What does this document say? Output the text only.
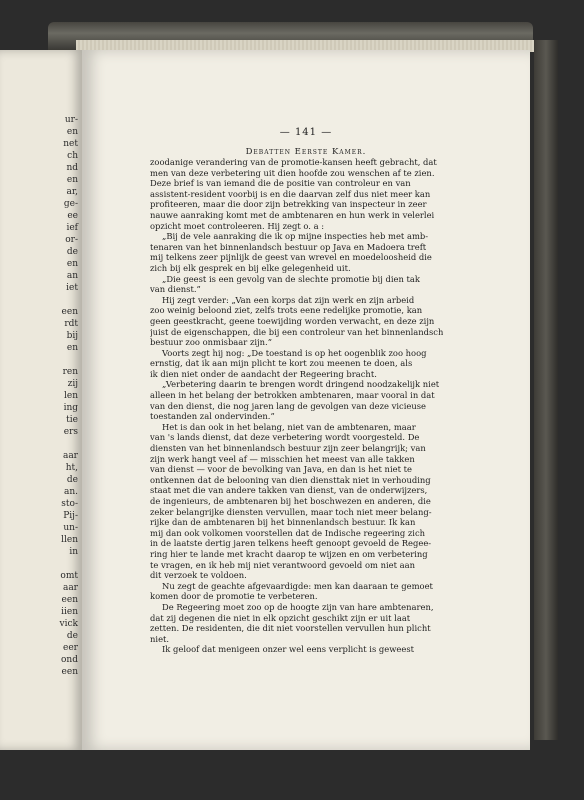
ur-
en
net
ch
nd
en
ar,
ge-
ee
ief
or-
de
en
an
iet
een
rdt
bij
en
ren
zij
len
ing
tie
ers
aar
ht,
de
an.
sto-
Pij-
un-
llen
in
omt
aar
een
iien
vick
de
eer
ond
een
— 141 —
Debatten Eerste Kamer.
zoodanige verandering van de promotie-kansen heeft gebracht, dat
men van deze verbetering uit dien hoofde zou wenschen af te zien.
Deze brief is van iemand die de positie van controleur en van
assistent-resident voorbij is en die daarvan zelf dus niet meer kan
profiteeren, maar die door zijn betrekking van inspecteur in zeer
nauwe aanraking komt met de ambtenaren en hun werk in velerlei
opzicht moet controleeren. Hij zegt o. a :
„Bij de vele aanraking die ik op mijne inspecties heb met amb-
tenaren van het binnenlandsch bestuur op Java en Madoera treft
mij telkens zeer pijnlijk de geest van wrevel en moedeloosheid die
zich bij elk gesprek en bij elke gelegenheid uit.
„Die geest is een gevolg van de slechte promotie bij dien tak
van dienst.”
Hij zegt verder: „Van een korps dat zijn werk en zijn arbeid
zoo weinig beloond ziet, zelfs trots eene redelijke promotie, kan
geen geestkracht, geene toewijding worden verwacht, en deze zijn
juist de eigenschappen, die bij een controleur van het binnenlandsch
bestuur zoo onmisbaar zijn.”
Voorts zegt hij nog: „De toestand is op het oogenblik zoo hoog
ernstig, dat ik aan mijn plicht te kort zou meenen te doen, als
ik dien niet onder de aandacht der Regeering bracht.
„Verbetering daarin te brengen wordt dringend noodzakelijk niet
alleen in het belang der betrokken ambtenaren, maar vooral in dat
van den dienst, die nog jaren lang de gevolgen van deze vicieuse
toestanden zal ondervinden.”
Het is dan ook in het belang, niet van de ambtenaren, maar
van 's lands dienst, dat deze verbetering wordt voorgesteld. De
diensten van het binnenlandsch bestuur zijn zeer belangrijk; van
zijn werk hangt veel af — misschien het meest van alle takken
van dienst — voor de bevolking van Java, en dan is het niet te
ontkennen dat de belooning van dien diensttak niet in verhouding
staat met die van andere takken van dienst, van de onderwijzers,
de ingenieurs, de ambtenaren bij het boschwezen en anderen, die
zeker belangrijke diensten vervullen, maar toch niet meer belang-
rijke dan de ambtenaren bij het binnenlandsch bestuur. Ik kan
mij dan ook volkomen voorstellen dat de Indische regeering zich
in de laatste dertig jaren telkens heeft genoopt gevoeld de Regee-
ring hier te lande met kracht daarop te wijzen en om verbetering
te vragen, en ik heb mij niet verantwoord gevoeld om niet aan
dit verzoek te voldoen.
Nu zegt de geachte afgevaardigde: men kan daaraan te gemoet
komen door de promotie te verbeteren.
De Regeering moet zoo op de hoogte zijn van hare ambtenaren,
dat zij degenen die niet in elk opzicht geschikt zijn er uit laat
zetten. De residenten, die dit niet voorstellen vervullen hun plicht
niet.
Ik geloof dat menigeen onzer wel eens verplicht is geweest
